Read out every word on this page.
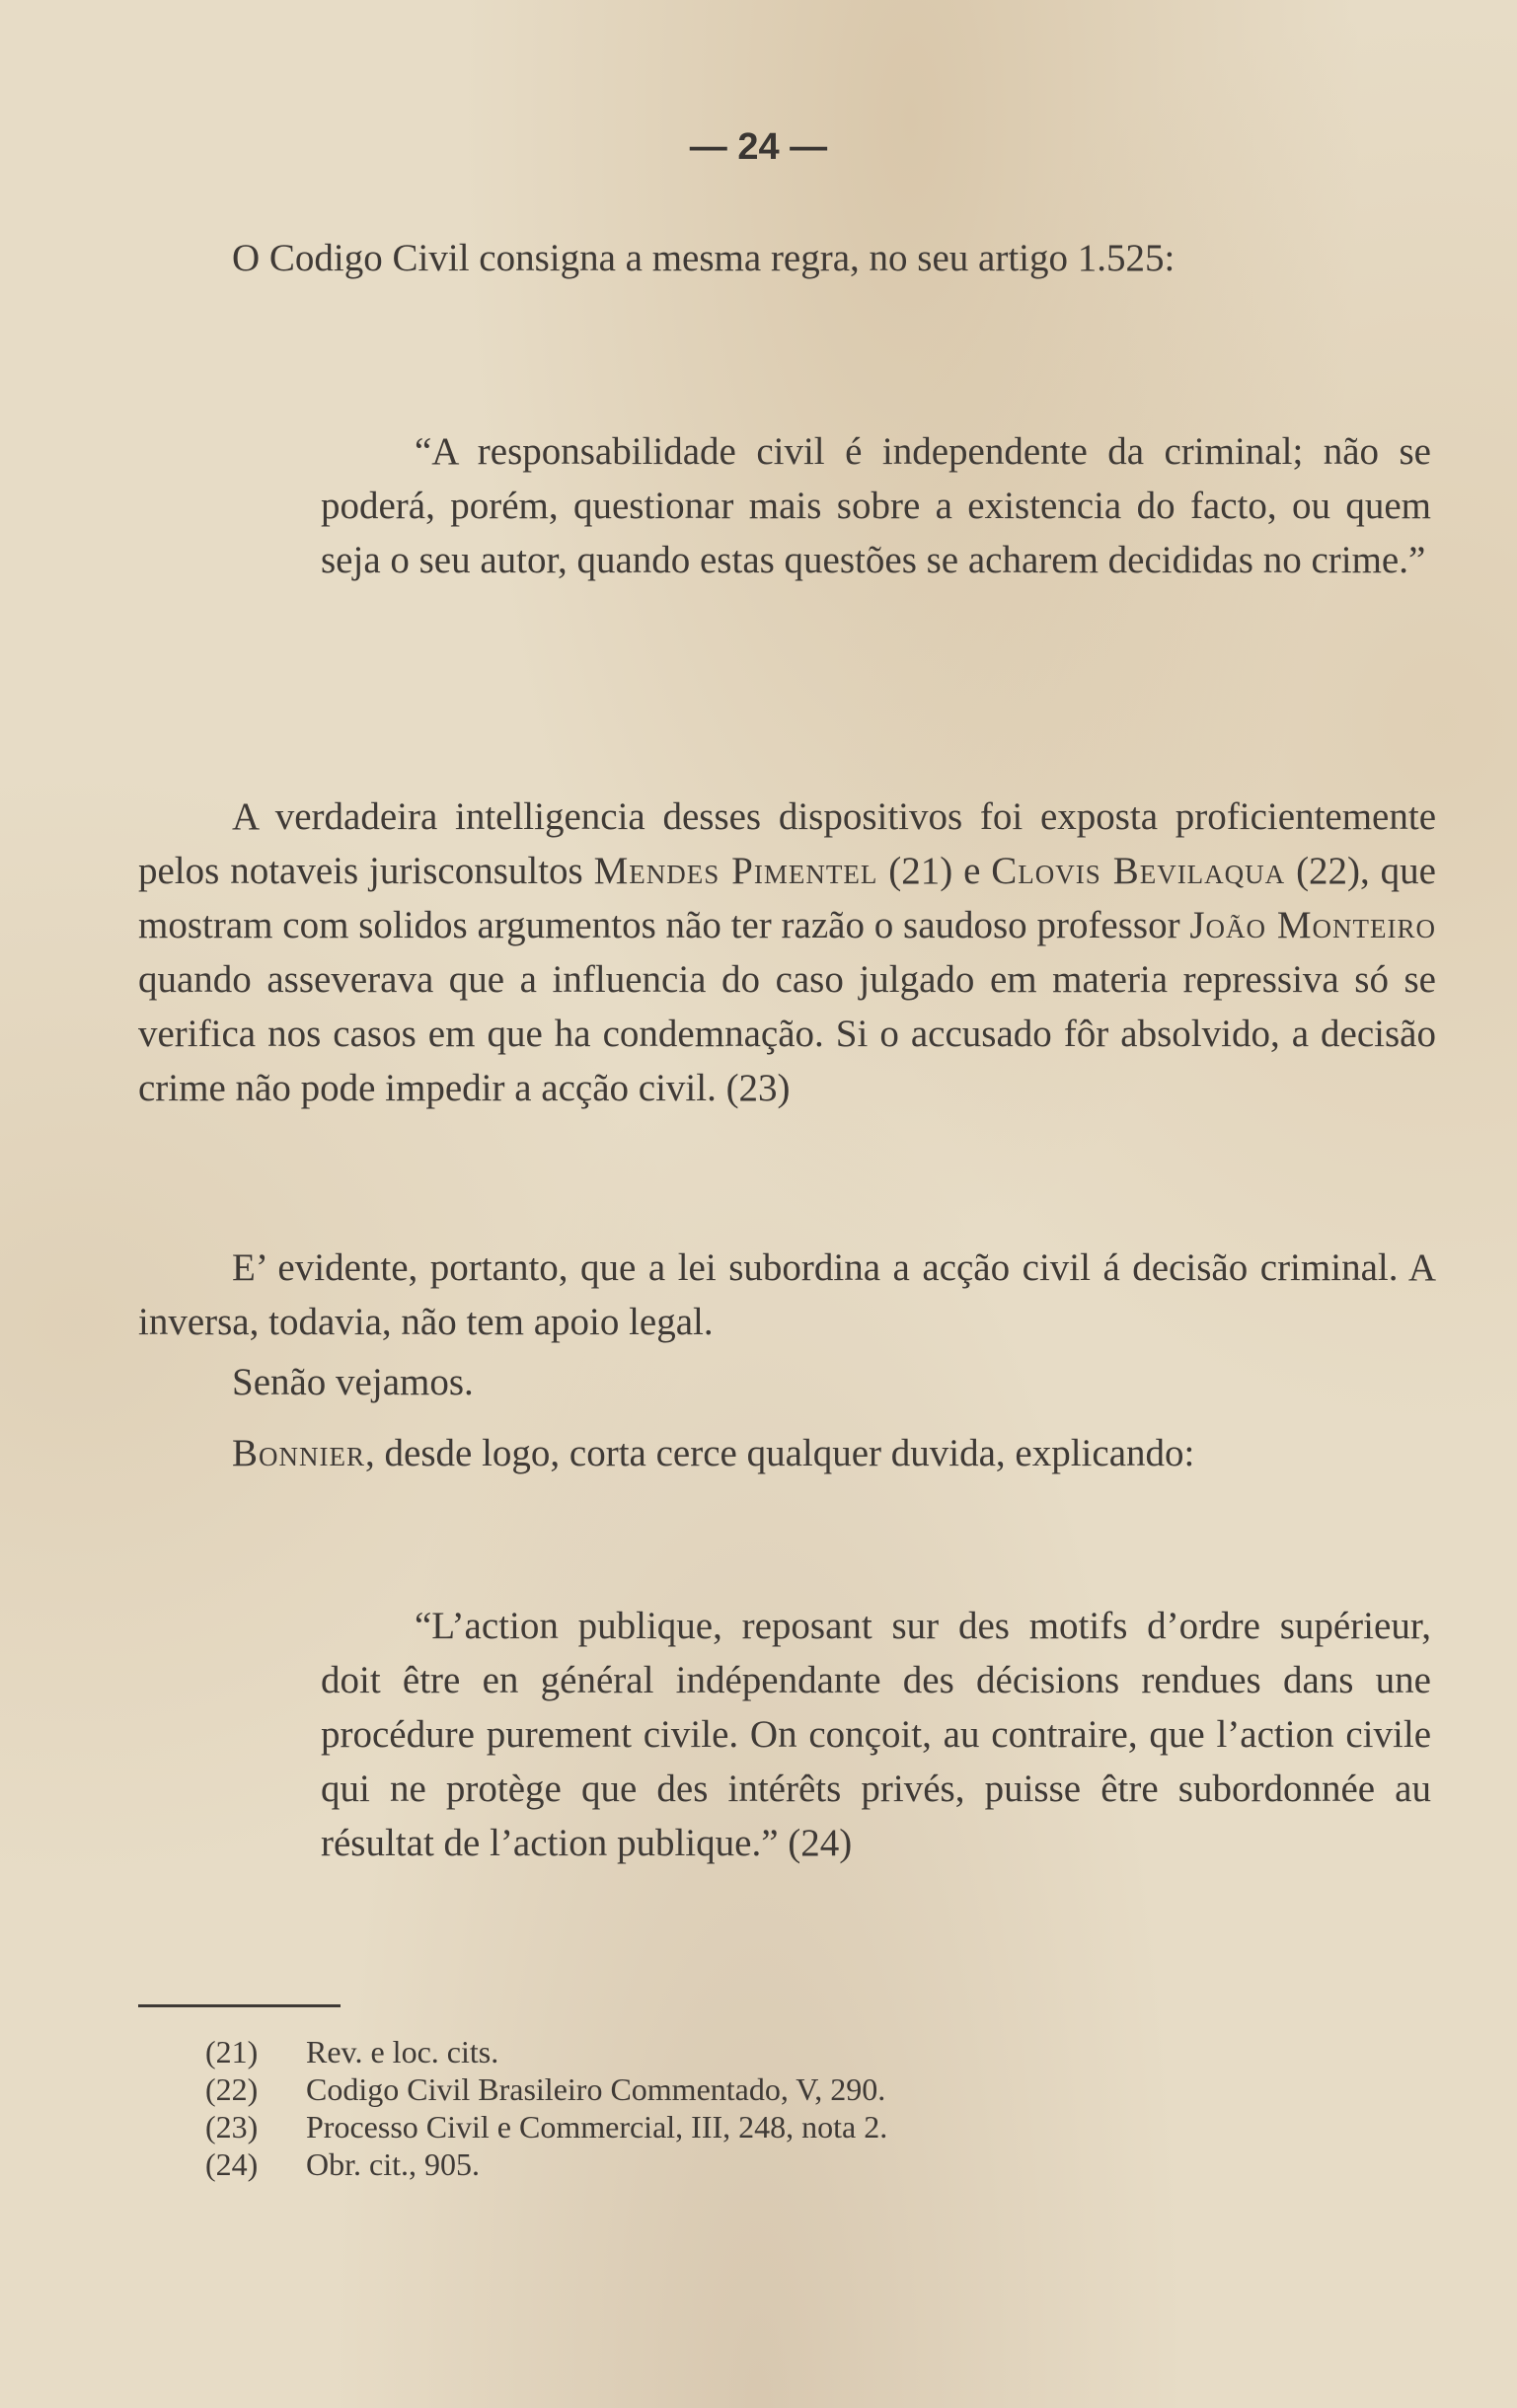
— 24 —

O Codigo Civil consigna a mesma regra, no seu artigo 1.525:

“A responsabilidade civil é independente da criminal; não se poderá, porém, questionar mais sobre a existencia do facto, ou quem seja o seu autor, quando estas questões se acharem decididas no crime.”

A verdadeira intelligencia desses dispositivos foi exposta proficientemente pelos notaveis jurisconsultos Mendes Pimentel (21) e Clovis Bevilaqua (22), que mostram com solidos argumentos não ter razão o saudoso professor João Monteiro quando asseverava que a influencia do caso julgado em materia repressiva só se verifica nos casos em que ha condemnação. Si o accusado fôr absolvido, a decisão crime não pode impedir a acção civil. (23)

E’ evidente, portanto, que a lei subordina a acção civil á decisão criminal. A inversa, todavia, não tem apoio legal.

Senão vejamos.

Bonnier, desde logo, corta cerce qualquer duvida, explicando:

“L’action publique, reposant sur des motifs d’ordre supérieur, doit être en général indépendante des décisions rendues dans une procédure purement civile. On conçoit, au contraire, que l’action civile qui ne protège que des intérêts privés, puisse être subordonnée au résultat de l’action publique.” (24)

(21) Rev. e loc. cits.
(22) Codigo Civil Brasileiro Commentado, V, 290.
(23) Processo Civil e Commercial, III, 248, nota 2.
(24) Obr. cit., 905.
